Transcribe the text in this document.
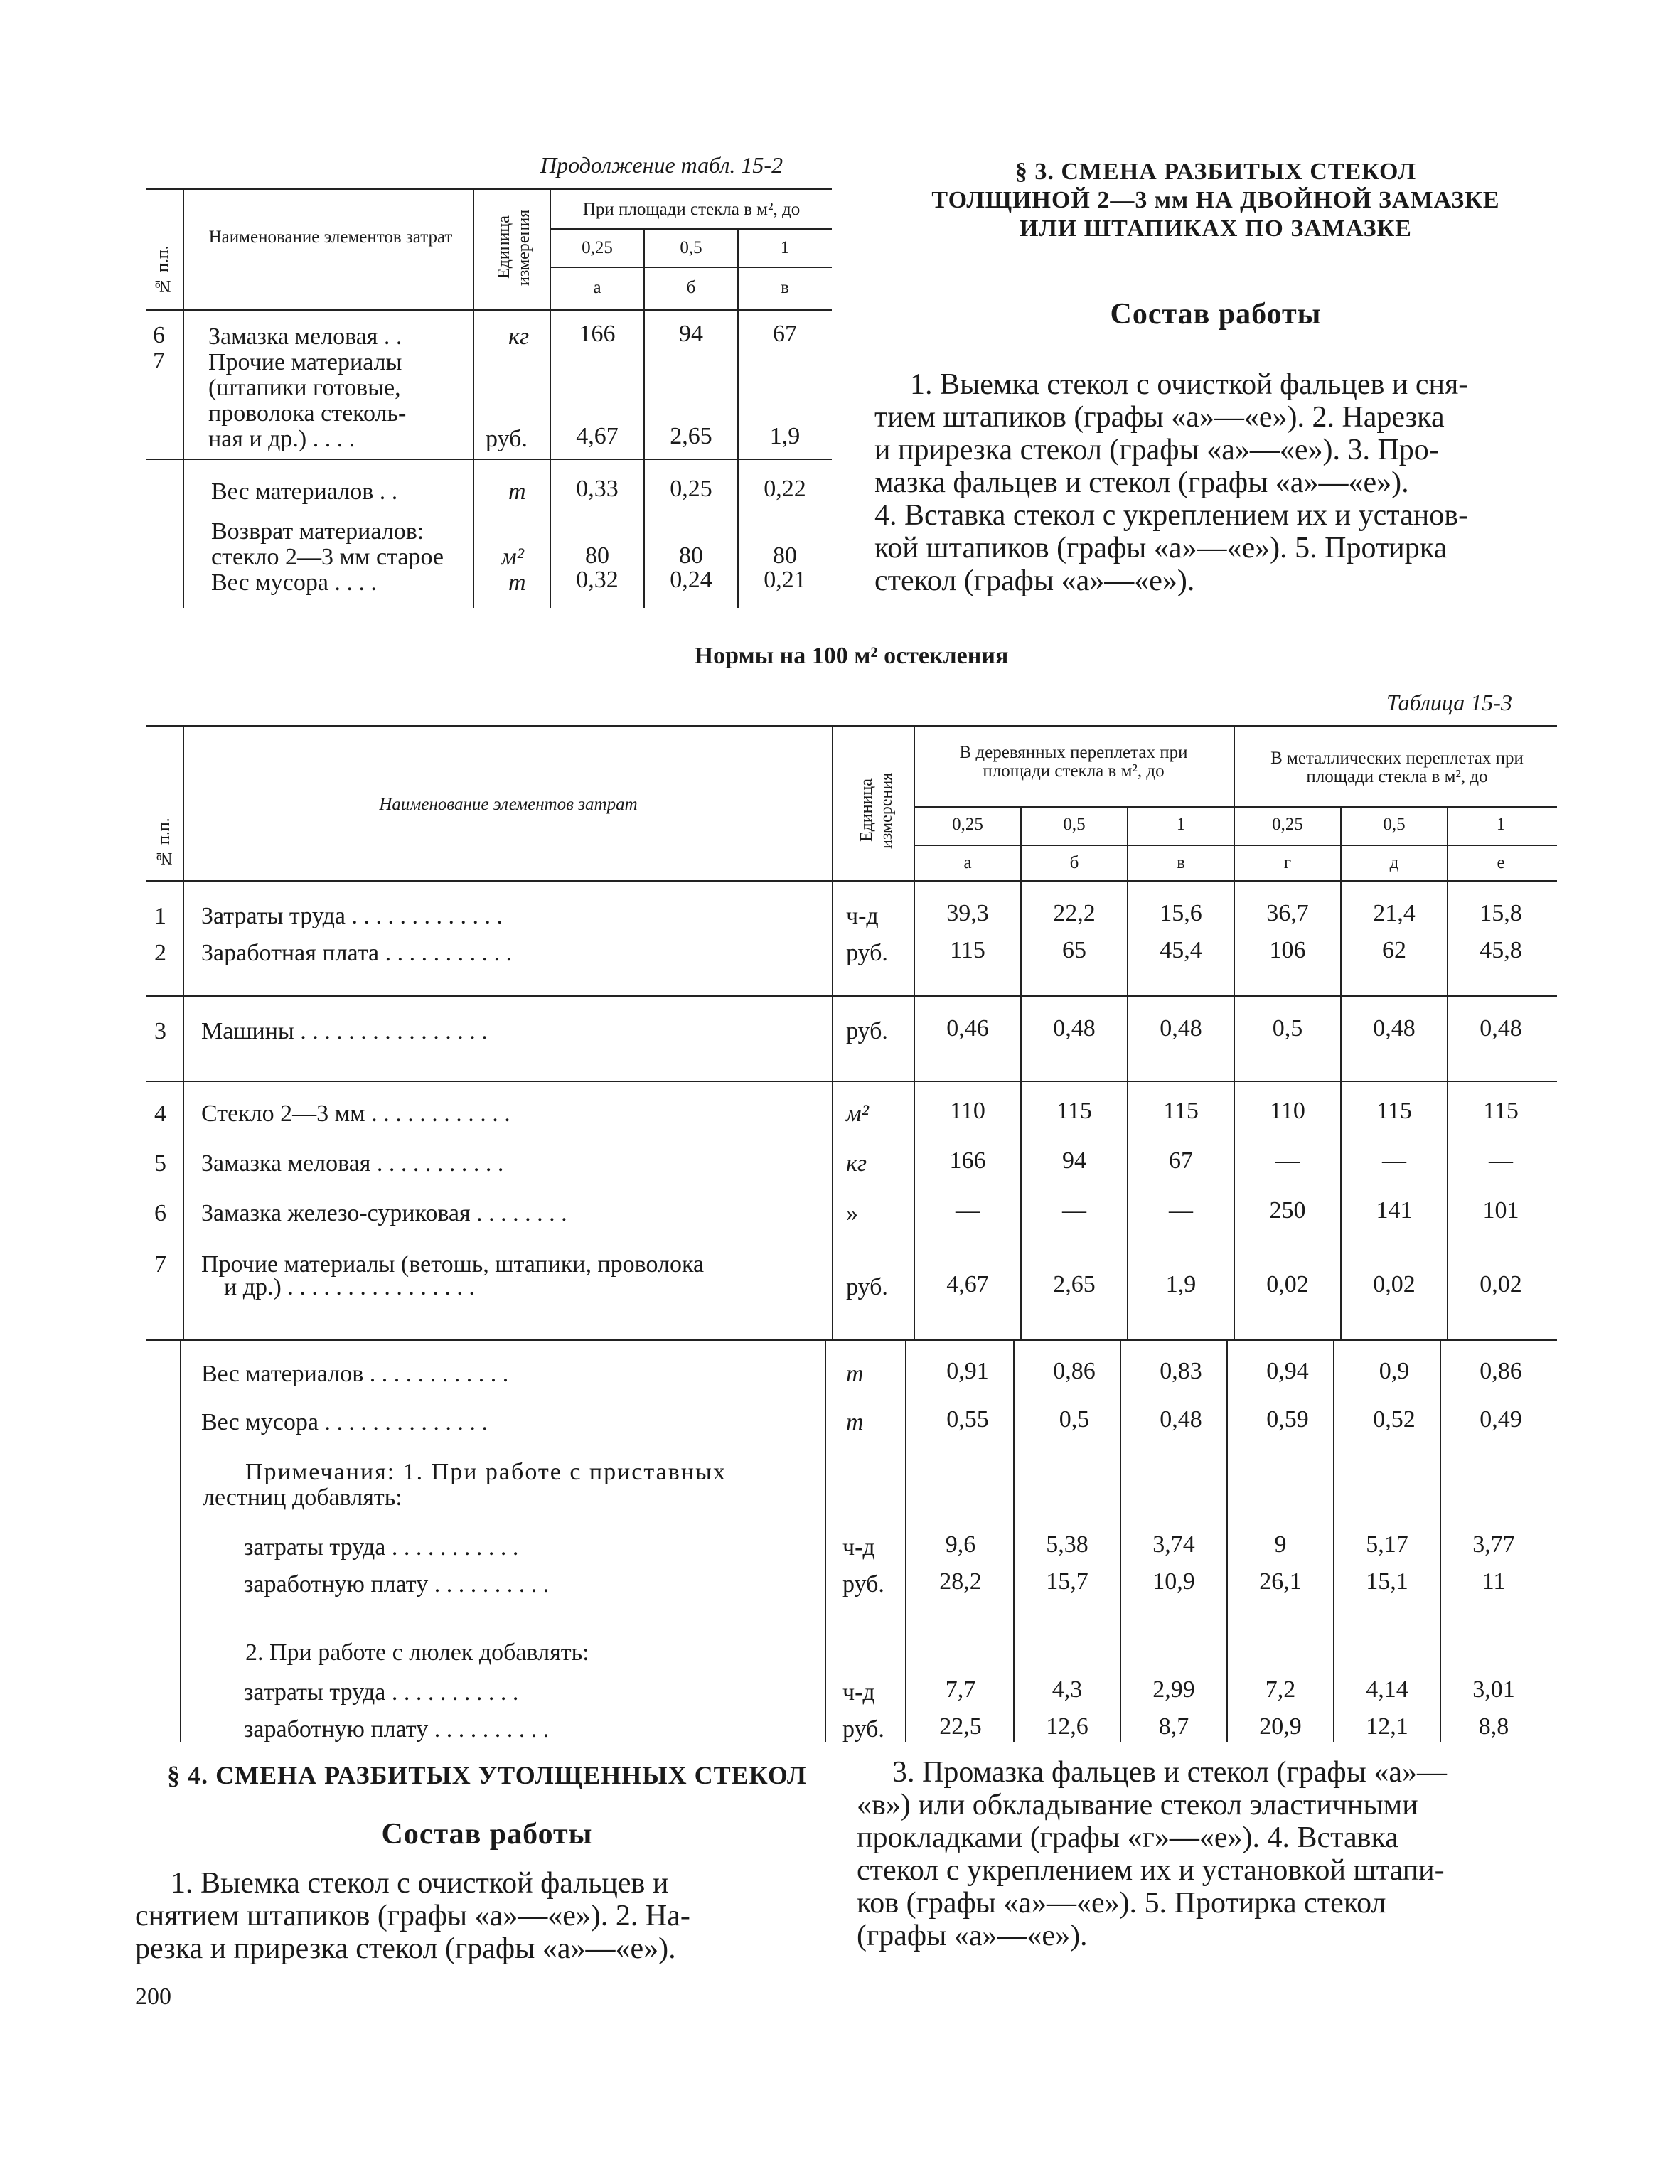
Продолжение табл. 15-2
№ п.п.
Наименование элементов затрат	Единица измерения	При площади стекла в м², до
0,25	0,5	1
а	б	в
6 Замазка меловая . .	кг	166	94	67
7 Прочие материалы
(штапики готовые,
проволока стеколь-
ная и др.) . . . .	руб.	4,67	2,65	1,9
Вес материалов . .	т	0,33	0,25	0,22
Возврат материалов:
стекло 2—3 мм старое м²	80	80	80
Вес мусора . . . .	т	0,32	0,24	0,21
§ 3. СМЕНА РАЗБИТЫХ СТЕКОЛ
ТОЛЩИНОЙ 2—3 мм НА ДВОЙНОЙ ЗАМАЗКЕ
ИЛИ ШТАПИКАХ ПО ЗАМАЗКЕ
Состав работы
1. Выемка стекол с очисткой фальцев и сня-
тием штапиков (графы «а»—«е»). 2. Нарезка
и прирезка стекол (графы «а»—«е»). 3. Про-
мазка фальцев и стекол (графы «а»—«е»).
4. Вставка стекол с укреплением их и установ-
кой штапиков (графы «а»—«е»). 5. Протирка
стекол (графы «а»—«е»).
Нормы на 100 м² остекления
Таблица 15-3
№ п.п.
Наименование элементов затрат	Единица измерения
В деревянных переплетах при площади стекла в м², до
В металлических переплетах при площади стекла в м², до
0,25	0,5	1	0,25	0,5	1
а	б	в	г	д	е
1 Затраты труда . . . . . . . . . . . . .	ч-д	39,3	22,2	15,6	36,7	21,4	15,8
2 Заработная плата . . . . . . . . . . .	руб.	115	65	45,4	106	62	45,8
3 Машины . . . . . . . . . . . . . . . .	руб.	0,46	0,48	0,48	0,5	0,48	0,48
4 Стекло 2—3 мм . . . . . . . . . . . .	м²	110	115	115	110	115	115
5 Замазка меловая . . . . . . . . . . .	кг	166	94	67	—	—	—
6 Замазка железо-суриковая . . . . . . . .	»	—	—	—	250	141	101
7 Прочие материалы (ветошь, штапики, проволока
и др.) . . . . . . . . . . . . . . . .	руб.	4,67	2,65	1,9	0,02	0,02	0,02
Вес материалов . . . . . . . . . . . .	т	0,91	0,86	0,83	0,94	0,9	0,86
Вес мусора . . . . . . . . . . . . . .	т	0,55	0,5	0,48	0,59	0,52	0,49
затраты труда . . . . . . . . . . .	ч-д	9,6	5,38	3,74	9	5,17	3,77
заработную плату . . . . . . . . . .	руб.	28,2	15,7	10,9	26,1	15,1	11
затраты труда . . . . . . . . . . .	ч-д	7,7	4,3	2,99	7,2	4,14	3,01
заработную плату . . . . . . . . . .	руб.	22,5	12,6	8,7	20,9	12,1	8,8
Примечания: 1. При работе с приставных
лестниц добавлять:
2. При работе с люлек добавлять:
§ 4. СМЕНА РАЗБИТЫХ УТОЛЩЕННЫХ СТЕКОЛ
Состав работы
1. Выемка стекол с очисткой фальцев и
снятием штапиков (графы «а»—«е»). 2. На-
резка и прирезка стекол (графы «а»—«е»).
3. Промазка фальцев и стекол (графы «а»—
«в») или обкладывание стекол эластичными
прокладками (графы «г»—«е»). 4. Вставка
стекол с укреплением их и установкой штапи-
ков (графы «а»—«е»). 5. Протирка стекол
(графы «а»—«е»).
200
